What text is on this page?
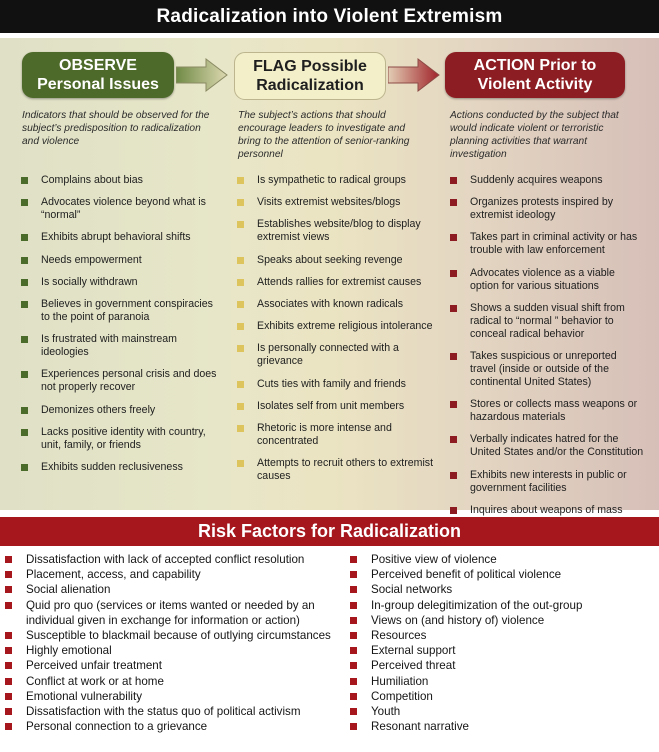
Radicalization into Violent Extremism
OBSERVE
Personal Issues
FLAG Possible
Radicalization
ACTION Prior to
Violent Activity
Indicators that should be observed for the subject’s predisposition to radicalization and violence
The subject’s actions that should encourage leaders to investigate and bring to the attention of senior-ranking personnel
Actions conducted by the subject that would indicate violent or terroristic planning activities that warrant investigation
Complains about bias
Advocates violence beyond what is “normal”
Exhibits abrupt behavioral shifts
Needs empowerment
Is socially withdrawn
Believes in government conspiracies to the point of paranoia
Is frustrated with mainstream ideologies
Experiences personal crisis and does not properly recover
Demonizes others freely
Lacks positive identity with country, unit, family, or friends
Exhibits sudden reclusiveness
Is sympathetic to radical groups
Visits extremist websites/blogs
Establishes website/blog to display extremist views
Speaks about seeking revenge
Attends rallies for extremist causes
Associates with known radicals
Exhibits extreme religious intolerance
Is personally connected with a grievance
Cuts ties with family and friends
Isolates self from unit members
Rhetoric is more intense and concentrated
Attempts to recruit others to extremist causes
Suddenly acquires weapons
Organizes protests inspired by extremist ideology
Takes part in criminal activity or has trouble with law enforcement
Advocates violence as a viable option for various situations
Shows a sudden visual shift from radical to “normal ” behavior to conceal radical behavior
Takes suspicious or unreported travel (inside or outside of the continental United States)
Stores or collects mass weapons or hazardous materials
Verbally indicates hatred for the United States and/or the Constitution
Exhibits new interests in public or government facilities
Inquires about weapons of mass
Risk Factors for Radicalization
Dissatisfaction with lack of accepted conflict resolution
Placement, access, and capability
Social alienation
Quid pro quo (services or items wanted or needed by an individual given in exchange for information or action)
Susceptible to blackmail because of outlying circumstances
Highly emotional
Perceived unfair treatment
Conflict at work or at home
Emotional vulnerability
Dissatisfaction with the status quo of political activism
Personal connection to a grievance
Positive view of violence
Perceived benefit of political violence
Social networks
In-group delegitimization of the out-group
Views on (and history of) violence
Resources
External support
Perceived threat
Humiliation
Competition
Youth
Resonant narrative
